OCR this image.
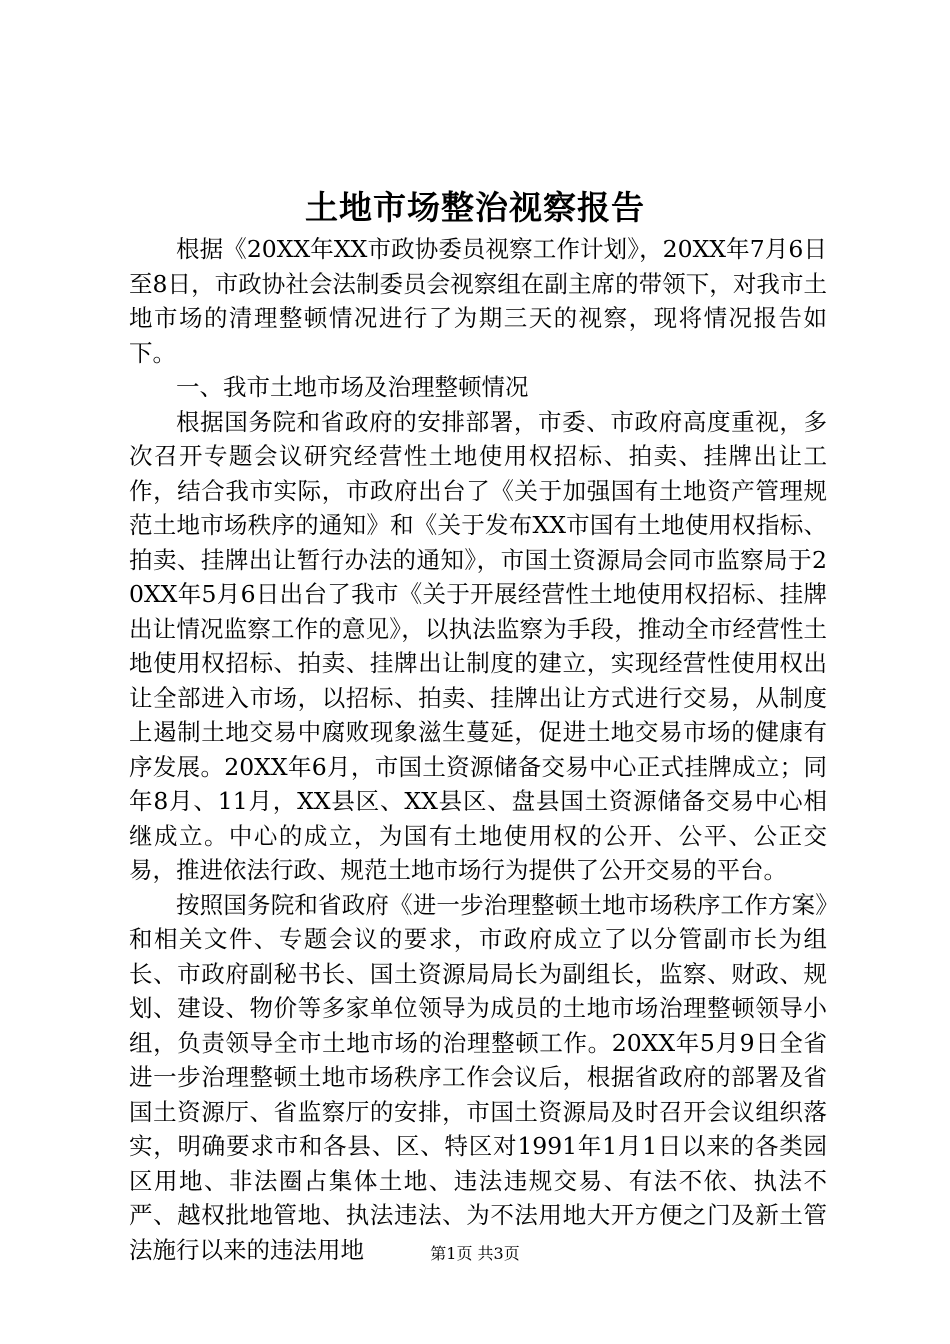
土地市场整治视察报告

根据《20XX年XX市政协委员视察工作计划》，20XX年7月6日至8日，市政协社会法制委员会视察组在副主席的带领下，对我市土地市场的清理整顿情况进行了为期三天的视察，现将情况报告如下。

一、我市土地市场及治理整顿情况

根据国务院和省政府的安排部署，市委、市政府高度重视，多次召开专题会议研究经营性土地使用权招标、拍卖、挂牌出让工作，结合我市实际，市政府出台了《关于加强国有土地资产管理规范土地市场秩序的通知》和《关于发布XX市国有土地使用权指标、拍卖、挂牌出让暂行办法的通知》，市国土资源局会同市监察局于20XX年5月6日出台了我市《关于开展经营性土地使用权招标、挂牌出让情况监察工作的意见》，以执法监察为手段，推动全市经营性土地使用权招标、拍卖、挂牌出让制度的建立，实现经营性使用权出让全部进入市场，以招标、拍卖、挂牌出让方式进行交易，从制度上遏制土地交易中腐败现象滋生蔓延，促进土地交易市场的健康有序发展。20XX年6月，市国土资源储备交易中心正式挂牌成立；同年8月、11月，XX县区、XX县区、盘县国土资源储备交易中心相继成立。中心的成立，为国有土地使用权的公开、公平、公正交易，推进依法行政、规范土地市场行为提供了公开交易的平台。

按照国务院和省政府《进一步治理整顿土地市场秩序工作方案》和相关文件、专题会议的要求，市政府成立了以分管副市长为组长、市政府副秘书长、国土资源局局长为副组长，监察、财政、规划、建设、物价等多家单位领导为成员的土地市场治理整顿领导小组，负责领导全市土地市场的治理整顿工作。20XX年5月9日全省进一步治理整顿土地市场秩序工作会议后，根据省政府的部署及省国土资源厅、省监察厅的安排，市国土资源局及时召开会议组织落实，明确要求市和各县、区、特区对1991年1月1日以来的各类园区用地、非法圈占集体土地、违法违规交易、有法不依、执法不严、越权批地管地、执法违法、为不法用地大开方便之门及新土管法施行以来的违法用地	第1页 共3页
